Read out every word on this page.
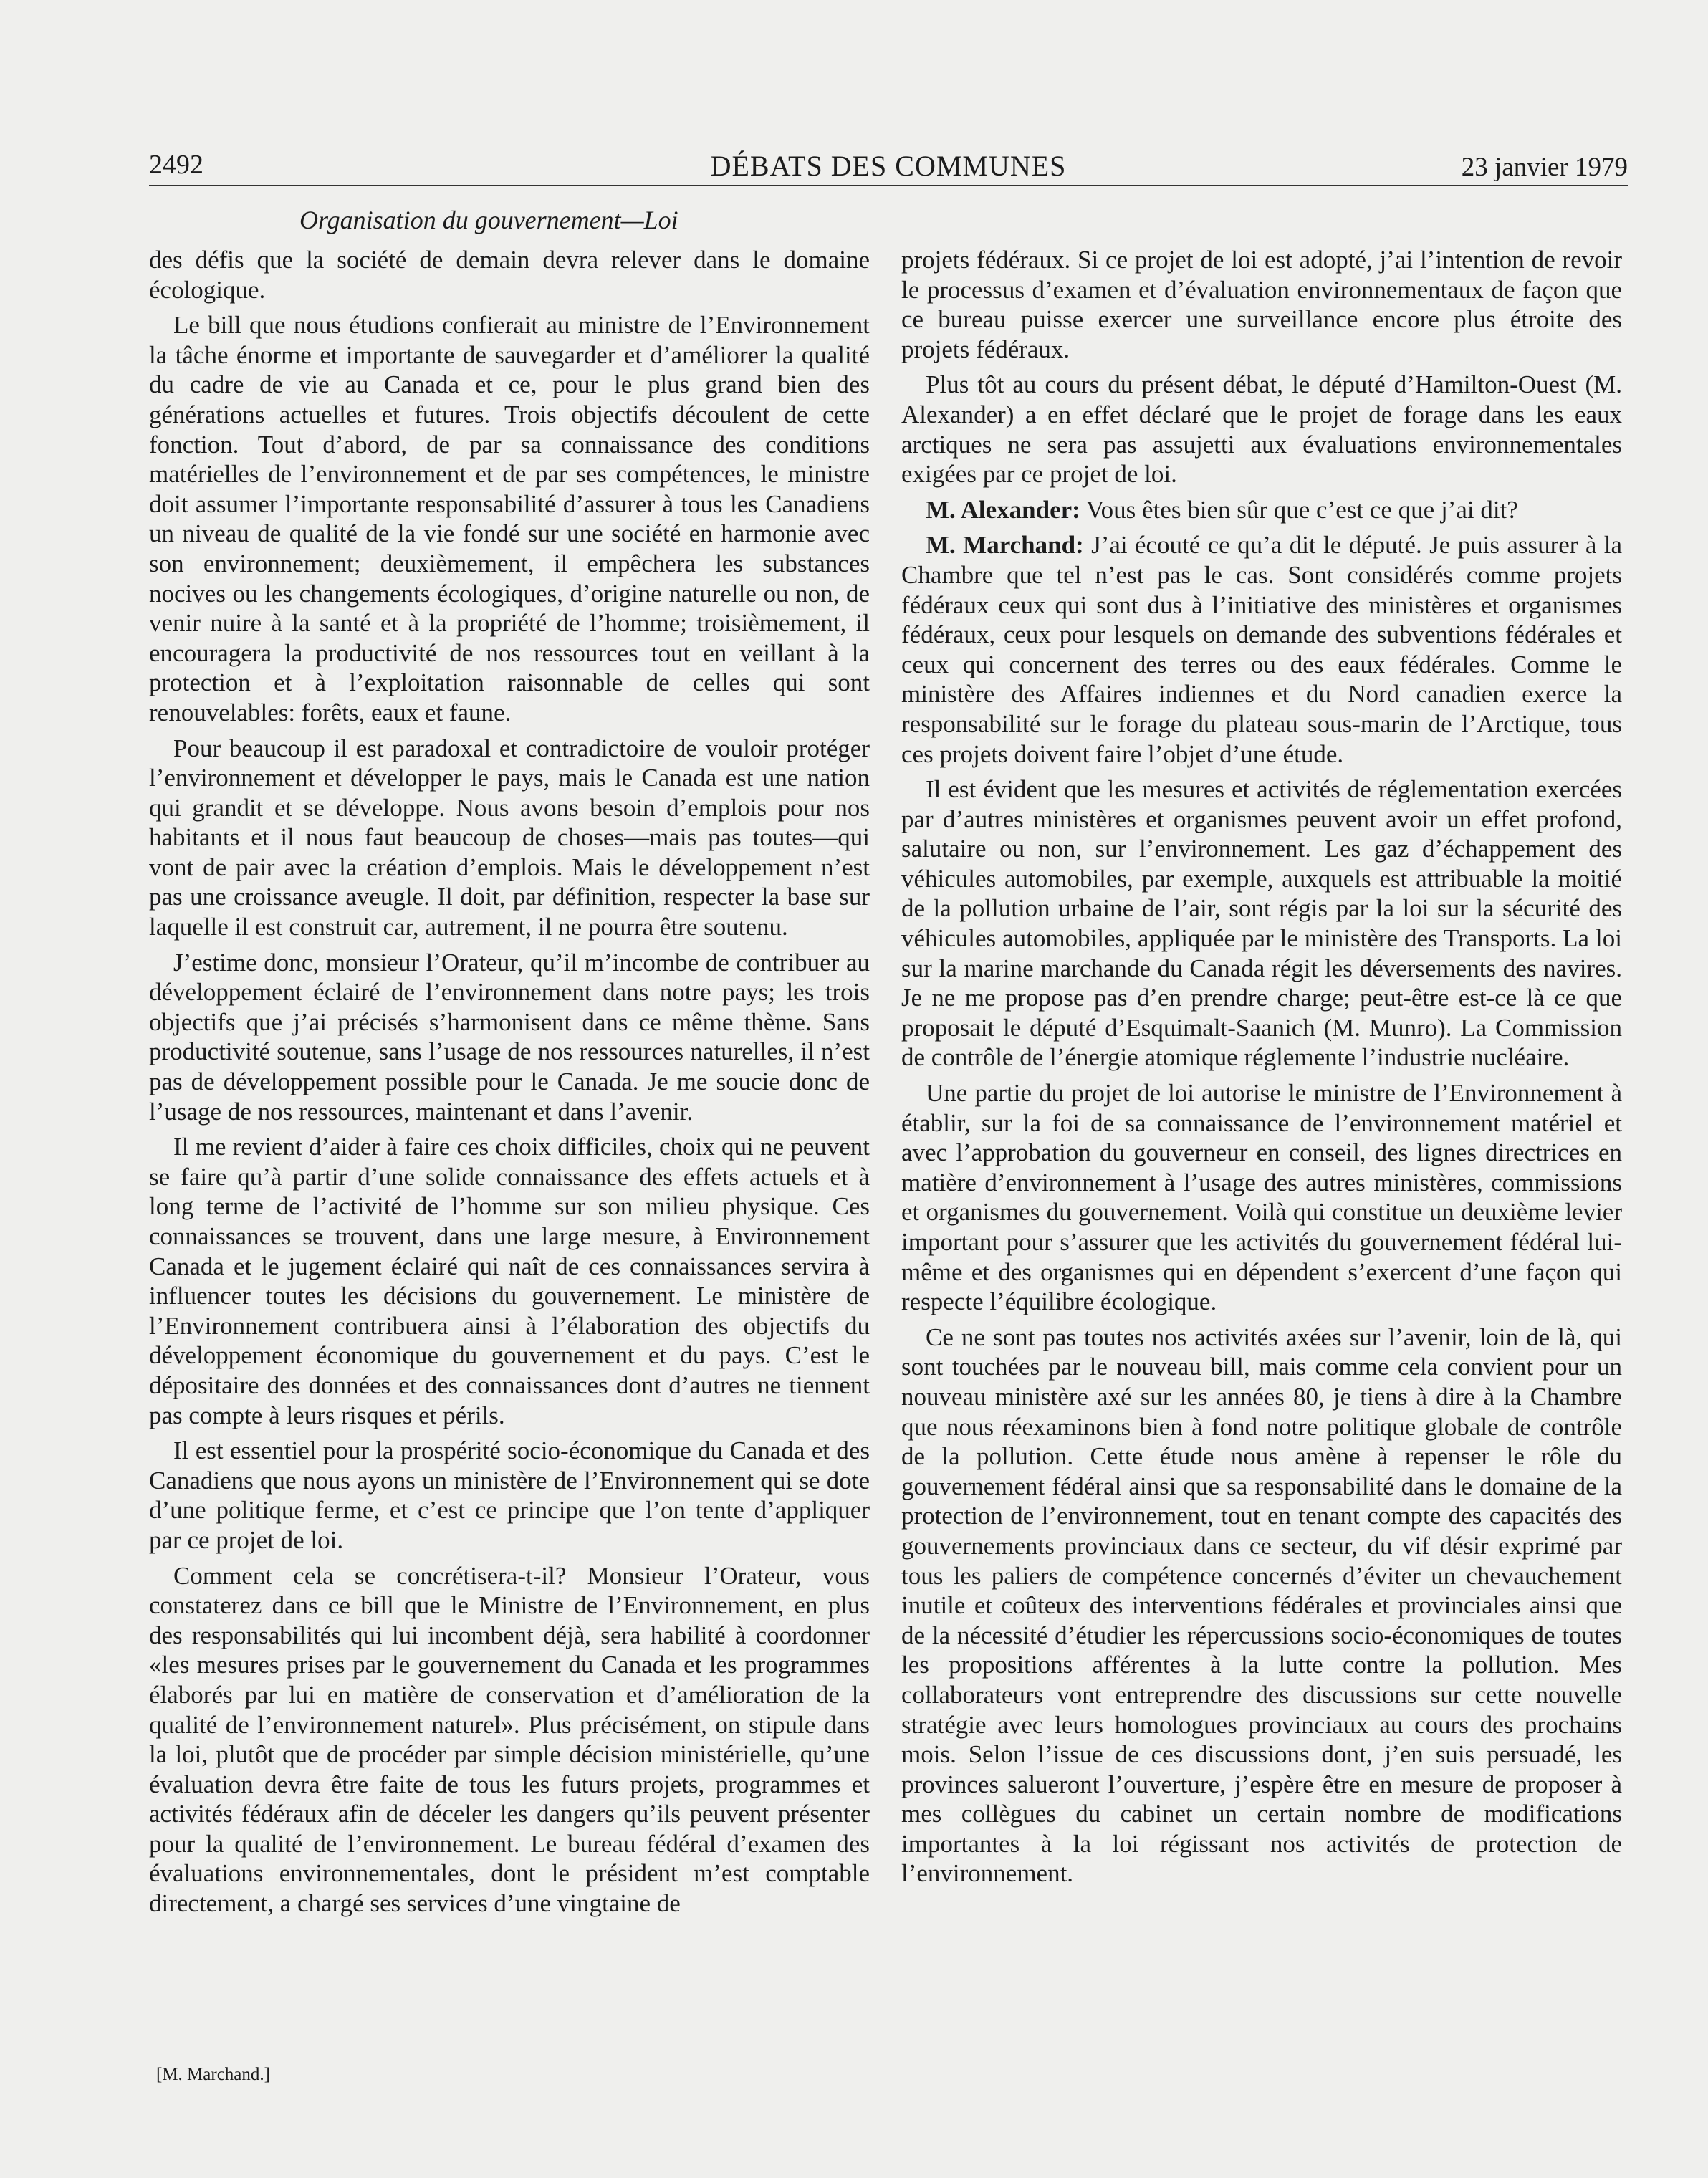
2492	DÉBATS DES COMMUNES	23 janvier 1979
Organisation du gouvernement—Loi

des défis que la société de demain devra relever dans le domaine écologique.

Le bill que nous étudions confierait au ministre de l’Environnement la tâche énorme et importante de sauvegarder et d’améliorer la qualité du cadre de vie au Canada et ce, pour le plus grand bien des générations actuelles et futures. Trois objectifs découlent de cette fonction. Tout d’abord, de par sa connaissance des conditions matérielles de l’environnement et de par ses compétences, le ministre doit assumer l’importante responsabilité d’assurer à tous les Canadiens un niveau de qualité de la vie fondé sur une société en harmonie avec son environnement; deuxièmement, il empêchera les substances nocives ou les changements écologiques, d’origine naturelle ou non, de venir nuire à la santé et à la propriété de l’homme; troisièmement, il encouragera la productivité de nos ressources tout en veillant à la protection et à l’exploitation raisonnable de celles qui sont renouvelables: forêts, eaux et faune.

Pour beaucoup il est paradoxal et contradictoire de vouloir protéger l’environnement et développer le pays, mais le Canada est une nation qui grandit et se développe. Nous avons besoin d’emplois pour nos habitants et il nous faut beaucoup de choses—mais pas toutes—qui vont de pair avec la création d’emplois. Mais le développement n’est pas une croissance aveugle. Il doit, par définition, respecter la base sur laquelle il est construit car, autrement, il ne pourra être soutenu.

J’estime donc, monsieur l’Orateur, qu’il m’incombe de contribuer au développement éclairé de l’environnement dans notre pays; les trois objectifs que j’ai précisés s’harmonisent dans ce même thème. Sans productivité soutenue, sans l’usage de nos ressources naturelles, il n’est pas de développement possible pour le Canada. Je me soucie donc de l’usage de nos ressources, maintenant et dans l’avenir.

Il me revient d’aider à faire ces choix difficiles, choix qui ne peuvent se faire qu’à partir d’une solide connaissance des effets actuels et à long terme de l’activité de l’homme sur son milieu physique. Ces connaissances se trouvent, dans une large mesure, à Environnement Canada et le jugement éclairé qui naît de ces connaissances servira à influencer toutes les décisions du gouvernement. Le ministère de l’Environnement contribuera ainsi à l’élaboration des objectifs du développement économique du gouvernement et du pays. C’est le dépositaire des données et des connaissances dont d’autres ne tiennent pas compte à leurs risques et périls.

Il est essentiel pour la prospérité socio-économique du Canada et des Canadiens que nous ayons un ministère de l’Environnement qui se dote d’une politique ferme, et c’est ce principe que l’on tente d’appliquer par ce projet de loi.

Comment cela se concrétisera-t-il? Monsieur l’Orateur, vous constaterez dans ce bill que le Ministre de l’Environnement, en plus des responsabilités qui lui incombent déjà, sera habilité à coordonner «les mesures prises par le gouvernement du Canada et les programmes élaborés par lui en matière de conservation et d’amélioration de la qualité de l’environnement naturel». Plus précisément, on stipule dans la loi, plutôt que de procéder par simple décision ministérielle, qu’une évaluation devra être faite de tous les futurs projets, programmes et activités fédéraux afin de déceler les dangers qu’ils peuvent présenter pour la qualité de l’environnement. Le bureau fédéral d’examen des évaluations environnementales, dont le président m’est comptable directement, a chargé ses services d’une vingtaine de

projets fédéraux. Si ce projet de loi est adopté, j’ai l’intention de revoir le processus d’examen et d’évaluation environnementaux de façon que ce bureau puisse exercer une surveillance encore plus étroite des projets fédéraux.

Plus tôt au cours du présent débat, le député d’Hamilton-Ouest (M. Alexander) a en effet déclaré que le projet de forage dans les eaux arctiques ne sera pas assujetti aux évaluations environnementales exigées par ce projet de loi.

M. Alexander: Vous êtes bien sûr que c’est ce que j’ai dit?

M. Marchand: J’ai écouté ce qu’a dit le député. Je puis assurer à la Chambre que tel n’est pas le cas. Sont considérés comme projets fédéraux ceux qui sont dus à l’initiative des ministères et organismes fédéraux, ceux pour lesquels on demande des subventions fédérales et ceux qui concernent des terres ou des eaux fédérales. Comme le ministère des Affaires indiennes et du Nord canadien exerce la responsabilité sur le forage du plateau sous-marin de l’Arctique, tous ces projets doivent faire l’objet d’une étude.

Il est évident que les mesures et activités de réglementation exercées par d’autres ministères et organismes peuvent avoir un effet profond, salutaire ou non, sur l’environnement. Les gaz d’échappement des véhicules automobiles, par exemple, auxquels est attribuable la moitié de la pollution urbaine de l’air, sont régis par la loi sur la sécurité des véhicules automobiles, appliquée par le ministère des Transports. La loi sur la marine marchande du Canada régit les déversements des navires. Je ne me propose pas d’en prendre charge; peut-être est-ce là ce que proposait le député d’Esquimalt-Saanich (M. Munro). La Commission de contrôle de l’énergie atomique réglemente l’industrie nucléaire.

Une partie du projet de loi autorise le ministre de l’Environnement à établir, sur la foi de sa connaissance de l’environnement matériel et avec l’approbation du gouverneur en conseil, des lignes directrices en matière d’environnement à l’usage des autres ministères, commissions et organismes du gouvernement. Voilà qui constitue un deuxième levier important pour s’assurer que les activités du gouvernement fédéral lui-même et des organismes qui en dépendent s’exercent d’une façon qui respecte l’équilibre écologique.

Ce ne sont pas toutes nos activités axées sur l’avenir, loin de là, qui sont touchées par le nouveau bill, mais comme cela convient pour un nouveau ministère axé sur les années 80, je tiens à dire à la Chambre que nous réexaminons bien à fond notre politique globale de contrôle de la pollution. Cette étude nous amène à repenser le rôle du gouvernement fédéral ainsi que sa responsabilité dans le domaine de la protection de l’environnement, tout en tenant compte des capacités des gouvernements provinciaux dans ce secteur, du vif désir exprimé par tous les paliers de compétence concernés d’éviter un chevauchement inutile et coûteux des interventions fédérales et provinciales ainsi que de la nécessité d’étudier les répercussions socio-économiques de toutes les propositions afférentes à la lutte contre la pollution. Mes collaborateurs vont entreprendre des discussions sur cette nouvelle stratégie avec leurs homologues provinciaux au cours des prochains mois. Selon l’issue de ces discussions dont, j’en suis persuadé, les provinces salueront l’ouverture, j’espère être en mesure de proposer à mes collègues du cabinet un certain nombre de modifications importantes à la loi régissant nos activités de protection de l’environnement.

[M. Marchand.]
